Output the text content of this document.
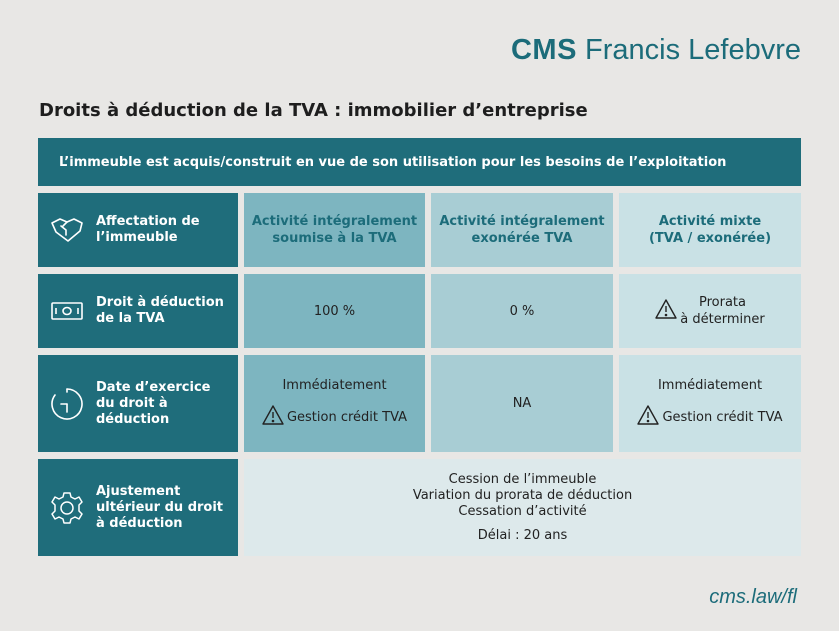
CMS Francis Lefebvre
Droits à déduction de la TVA : immobilier d’entreprise
L’immeuble est acquis/construit en vue de son utilisation pour les besoins de l’exploitation
Affectation de
l’immeuble
Activité intégralement
soumise à la TVA
Activité intégralement
exonérée TVA
Activité mixte
(TVA / exonérée)
Droit à déduction
de la TVA	100 %	0 %
Prorata
à déterminer
Date d’exercice
du droit à
déduction
Immédiatement
Gestion crédit TVA
NA
Immédiatement
Gestion crédit TVA
Ajustement
ultérieur du droit
à déduction
Cession de l’immeuble
Variation du prorata de déduction
Cessation d’activité
Délai : 20 ans
cms.law/fl
